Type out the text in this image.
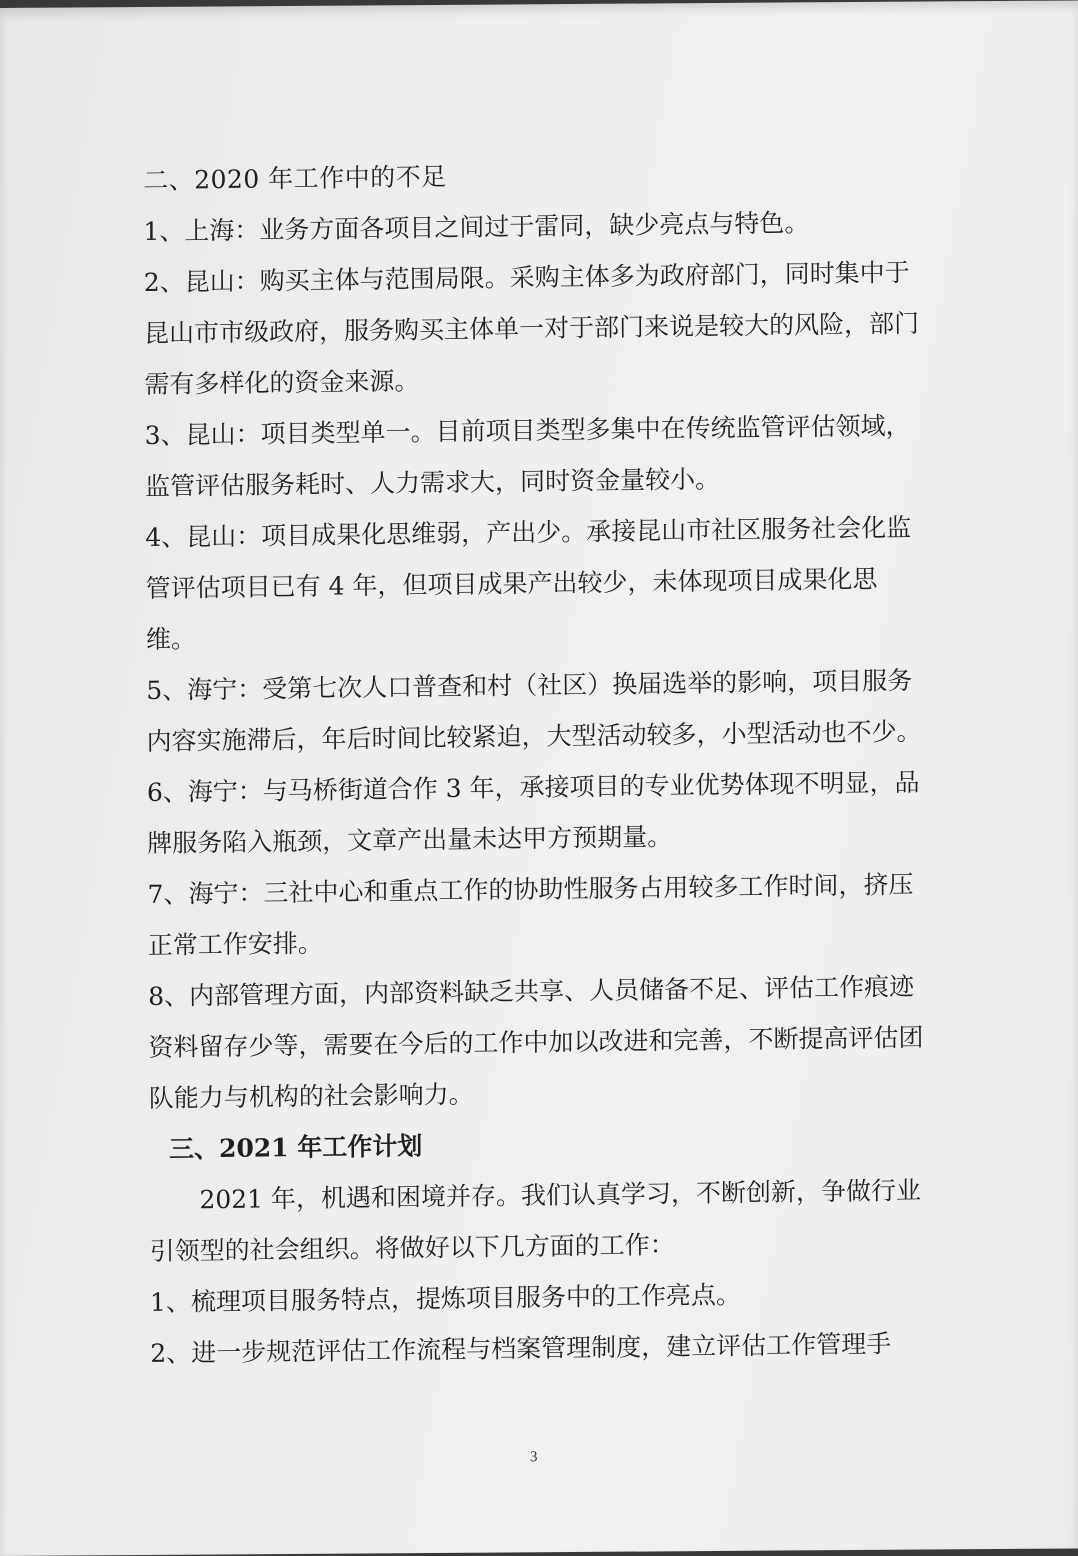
二、2020 年工作中的不足

1、上海：业务方面各项目之间过于雷同，缺少亮点与特色。

2、昆山：购买主体与范围局限。采购主体多为政府部门，同时集中于昆山市市级政府，服务购买主体单一对于部门来说是较大的风险，部门需有多样化的资金来源。

3、昆山：项目类型单一。目前项目类型多集中在传统监管评估领域，监管评估服务耗时、人力需求大，同时资金量较小。

4、昆山：项目成果化思维弱，产出少。承接昆山市社区服务社会化监管评估项目已有 4 年，但项目成果产出较少，未体现项目成果化思维。

5、海宁：受第七次人口普查和村（社区）换届选举的影响，项目服务内容实施滞后，年后时间比较紧迫，大型活动较多，小型活动也不少。

6、海宁：与马桥街道合作 3 年，承接项目的专业优势体现不明显，品牌服务陷入瓶颈，文章产出量未达甲方预期量。

7、海宁：三社中心和重点工作的协助性服务占用较多工作时间，挤压正常工作安排。

8、内部管理方面，内部资料缺乏共享、人员储备不足、评估工作痕迹资料留存少等，需要在今后的工作中加以改进和完善，不断提高评估团队能力与机构的社会影响力。

三、2021 年工作计划

2021 年，机遇和困境并存。我们认真学习，不断创新，争做行业引领型的社会组织。将做好以下几方面的工作：

1、梳理项目服务特点，提炼项目服务中的工作亮点。

2、进一步规范评估工作流程与档案管理制度，建立评估工作管理手

3
